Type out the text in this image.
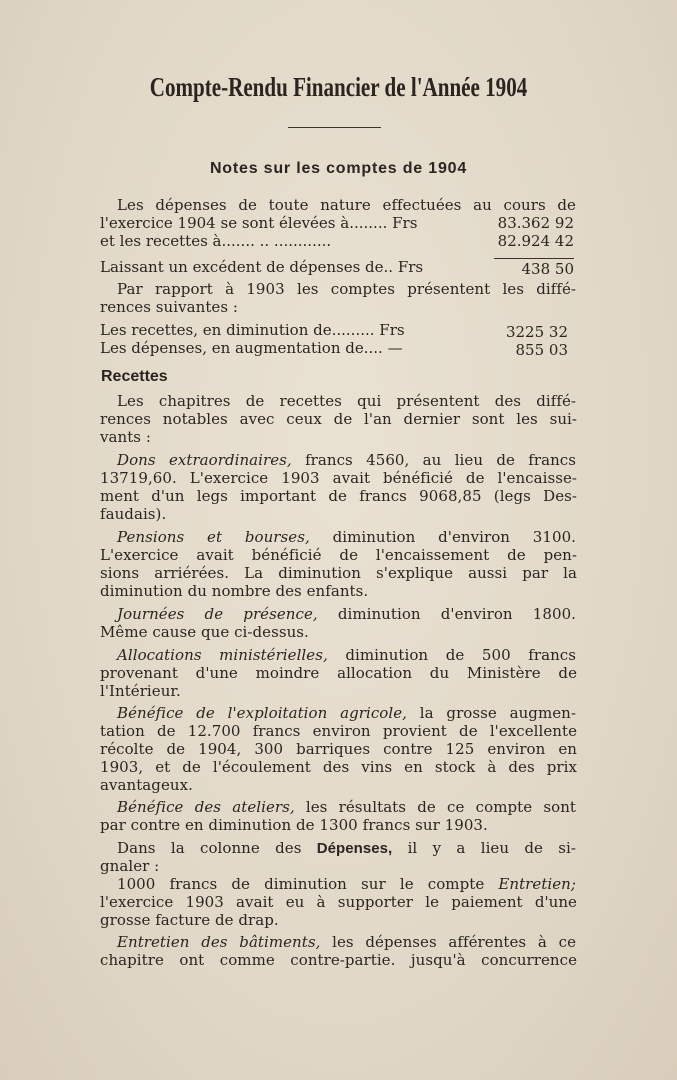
Compte-Rendu Financier de l'Année 1904
Notes sur les comptes de 1904
Les dépenses de toute nature effectuées au cours de
l'exercice 1904 se sont élevées à........ Frs	83.362 92
et les recettes à....... .. ............	82.924 42
Laissant un excédent de dépenses de.. Frs	438 50
Par rapport à 1903 les comptes présentent les diffé-
rences suivantes :
Les recettes, en diminution de......... Frs	3225 32
Les dépenses, en augmentation de.... —	855 03
Recettes
Les chapitres de recettes qui présentent des diffé-
rences notables avec ceux de l'an dernier sont les sui-
vants :
Dons extraordinaires, francs 4560, au lieu de francs
13719,60. L'exercice 1903 avait bénéficié de l'encaisse-
ment d'un legs important de francs 9068,85 (legs Des-
faudais).
Pensions et bourses, diminution d'environ 3100.
L'exercice avait bénéficié de l'encaissement de pen-
sions arriérées. La diminution s'explique aussi par la
diminution du nombre des enfants.
Journées de présence, diminution d'environ 1800.
Même cause que ci-dessus.
Allocations ministérielles, diminution de 500 francs
provenant d'une moindre allocation du Ministère de
l'Intérieur.
Bénéfice de l'exploitation agricole, la grosse augmen-
tation de 12.700 francs environ provient de l'excellente
récolte de 1904, 300 barriques contre 125 environ en
1903, et de l'écoulement des vins en stock à des prix
avantageux.
Bénéfice des ateliers, les résultats de ce compte sont
par contre en diminution de 1300 francs sur 1903.
Dans la colonne des Dépenses, il y a lieu de si-
gnaler :
1000 francs de diminution sur le compte Entretien;
l'exercice 1903 avait eu à supporter le paiement d'une
grosse facture de drap.
Entretien des bâtiments, les dépenses afférentes à ce
chapitre ont comme contre-partie. jusqu'à concurrence
